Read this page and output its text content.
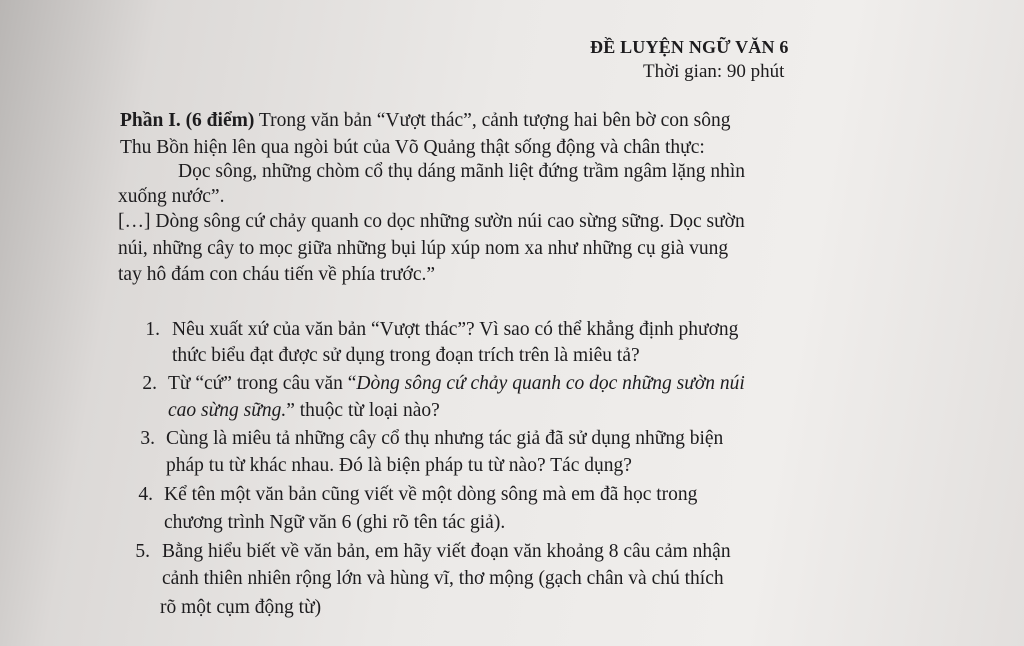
ĐỀ LUYỆN NGỮ VĂN 6
Thời gian: 90 phút
Phần I. (6 điểm) Trong văn bản “Vượt thác”, cảnh tượng hai bên bờ con sông
Thu Bồn hiện lên qua ngòi bút của Võ Quảng thật sống động và chân thực:
Dọc sông, những chòm cổ thụ dáng mãnh liệt đứng trầm ngâm lặng nhìn
xuống nước”.
[…] Dòng sông cứ chảy quanh co dọc những sườn núi cao sừng sững. Dọc sườn
núi, những cây to mọc giữa những bụi lúp xúp nom xa như những cụ già vung
tay hô đám con cháu tiến về phía trước.”
1. Nêu xuất xứ của văn bản “Vượt thác”? Vì sao có thể khẳng định phương
thức biểu đạt được sử dụng trong đoạn trích trên là miêu tả?
2. Từ “cứ” trong câu văn “Dòng sông cứ chảy quanh co dọc những sườn núi
cao sừng sững.” thuộc từ loại nào?
3. Cùng là miêu tả những cây cổ thụ nhưng tác giả đã sử dụng những biện
pháp tu từ khác nhau. Đó là biện pháp tu từ nào? Tác dụng?
4. Kể tên một văn bản cũng viết về một dòng sông mà em đã học trong
chương trình Ngữ văn 6 (ghi rõ tên tác giả).
5. Bằng hiểu biết về văn bản, em hãy viết đoạn văn khoảng 8 câu cảm nhận
cảnh thiên nhiên rộng lớn và hùng vĩ, thơ mộng (gạch chân và chú thích
rõ một cụm động từ)
